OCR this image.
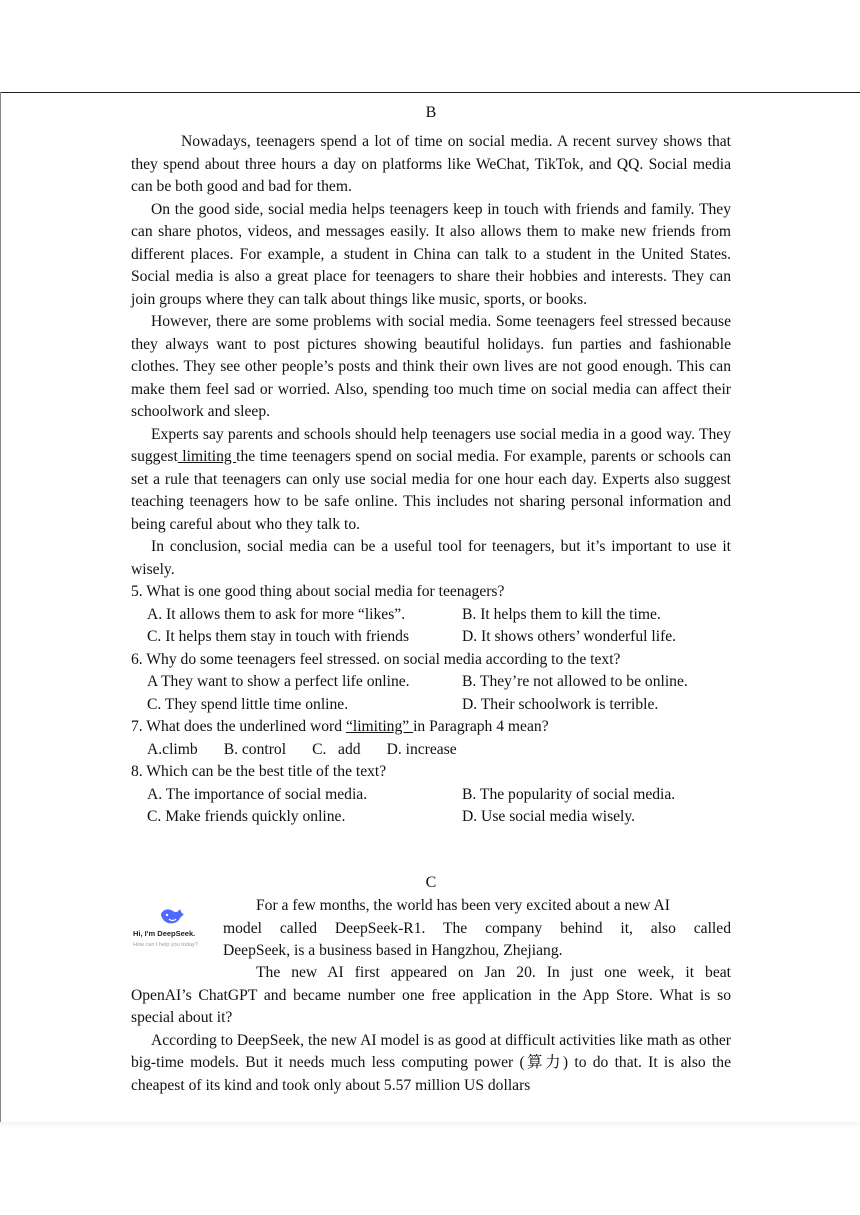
B

Nowadays, teenagers spend a lot of time on social media. A recent survey shows that they spend about three hours a day on platforms like WeChat, TikTok, and QQ. Social media can be both good and bad for them.

On the good side, social media helps teenagers keep in touch with friends and family. They can share photos, videos, and messages easily. It also allows them to make new friends from different places. For example, a student in China can talk to a student in the United States. Social media is also a great place for teenagers to share their hobbies and interests. They can join groups where they can talk about things like music, sports, or books.

However, there are some problems with social media. Some teenagers feel stressed because they always want to post pictures showing beautiful holidays. fun parties and fashionable clothes. They see other people’s posts and think their own lives are not good enough. This can make them feel sad or worried. Also, spending too much time on social media can affect their schoolwork and sleep.

Experts say parents and schools should help teenagers use social media in a good way. They suggest limiting the time teenagers spend on social media. For example, parents or schools can set a rule that teenagers can only use social media for one hour each day. Experts also suggest teaching teenagers how to be safe online. This includes not sharing personal information and being careful about who they talk to.

In conclusion, social media can be a useful tool for teenagers, but it’s important to use it wisely.

5. What is one good thing about social media for teenagers?
A. It allows them to ask for more “likes”.	B. It helps them to kill the time.
C. It helps them stay in touch with friends	D. It shows others’ wonderful life.
6. Why do some teenagers feel stressed. on social media according to the text?
A They want to show a perfect life online.	B. They’re not allowed to be online.
C. They spend little time online.	D. Their schoolwork is terrible.
7. What does the underlined word “limiting” in Paragraph 4 mean?
A.climb B. control C.   add D. increase
8. Which can be the best title of the text?
A. The importance of social media.	B. The popularity of social media.
C. Make friends quickly online.	D. Use social media wisely.
C
Hi, I'm DeepSeek.
How can I help you today?
For a few months, the world has been very excited about a new AI
model called DeepSeek-R1. The company behind it, also called
DeepSeek, is a business based in Hangzhou, Zhejiang.
The new AI first appeared on Jan 20. In just one week, it beat

OpenAI’s ChatGPT and became number one free application in the App Store. What is so special about it?

According to DeepSeek, the new AI model is as good at difficult activities like math as other big-time models. But it needs much less computing power (算力) to do that. It is also the cheapest of its kind and took only about 5.57 million US dollars
